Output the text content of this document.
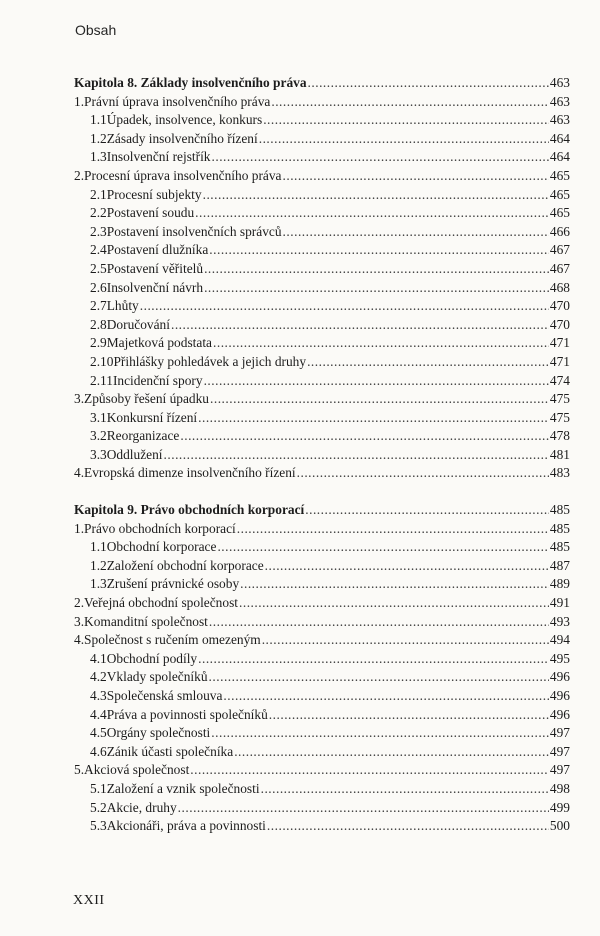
Obsah
Kapitola 8. Základy insolvenčního práva .....	463
1. Právní úprava insolvenčního práva .....	463
1.1 Úpadek, insolvence, konkurs .....	463
1.2 Zásady insolvenčního řízení .....	464
1.3 Insolvenční rejstřík .....	464
2. Procesní úprava insolvenčního práva .....	465
2.1 Procesní subjekty .....	465
2.2 Postavení soudu .....	465
2.3 Postavení insolvenčních správců .....	466
2.4 Postavení dlužníka .....	467
2.5 Postavení věřitelů .....	467
2.6 Insolvenční návrh .....	468
2.7 Lhůty .....	470
2.8 Doručování .....	470
2.9 Majetková podstata .....	471
2.10 Přihlášky pohledávek a jejich druhy .....	471
2.11 Incidenční spory .....	474
3. Způsoby řešení úpadku .....	475
3.1 Konkursní řízení .....	475
3.2 Reorganizace .....	478
3.3 Oddlužení .....	481
4. Evropská dimenze insolvenčního řízení .....	483
Kapitola 9. Právo obchodních korporací .....	485
1. Právo obchodních korporací .....	485
1.1 Obchodní korporace .....	485
1.2 Založení obchodní korporace .....	487
1.3 Zrušení právnické osoby .....	489
2. Veřejná obchodní společnost .....	491
3. Komanditní společnost .....	493
4. Společnost s ručením omezeným .....	494
4.1 Obchodní podíly .....	495
4.2 Vklady společníků .....	496
4.3 Společenská smlouva .....	496
4.4 Práva a povinnosti společníků .....	496
4.5 Orgány společnosti .....	497
4.6 Zánik účasti společníka .....	497
5. Akciová společnost .....	497
5.1 Založení a vznik společnosti .....	498
5.2 Akcie, druhy .....	499
5.3 Akcionáři, práva a povinnosti .....	500
XXII
